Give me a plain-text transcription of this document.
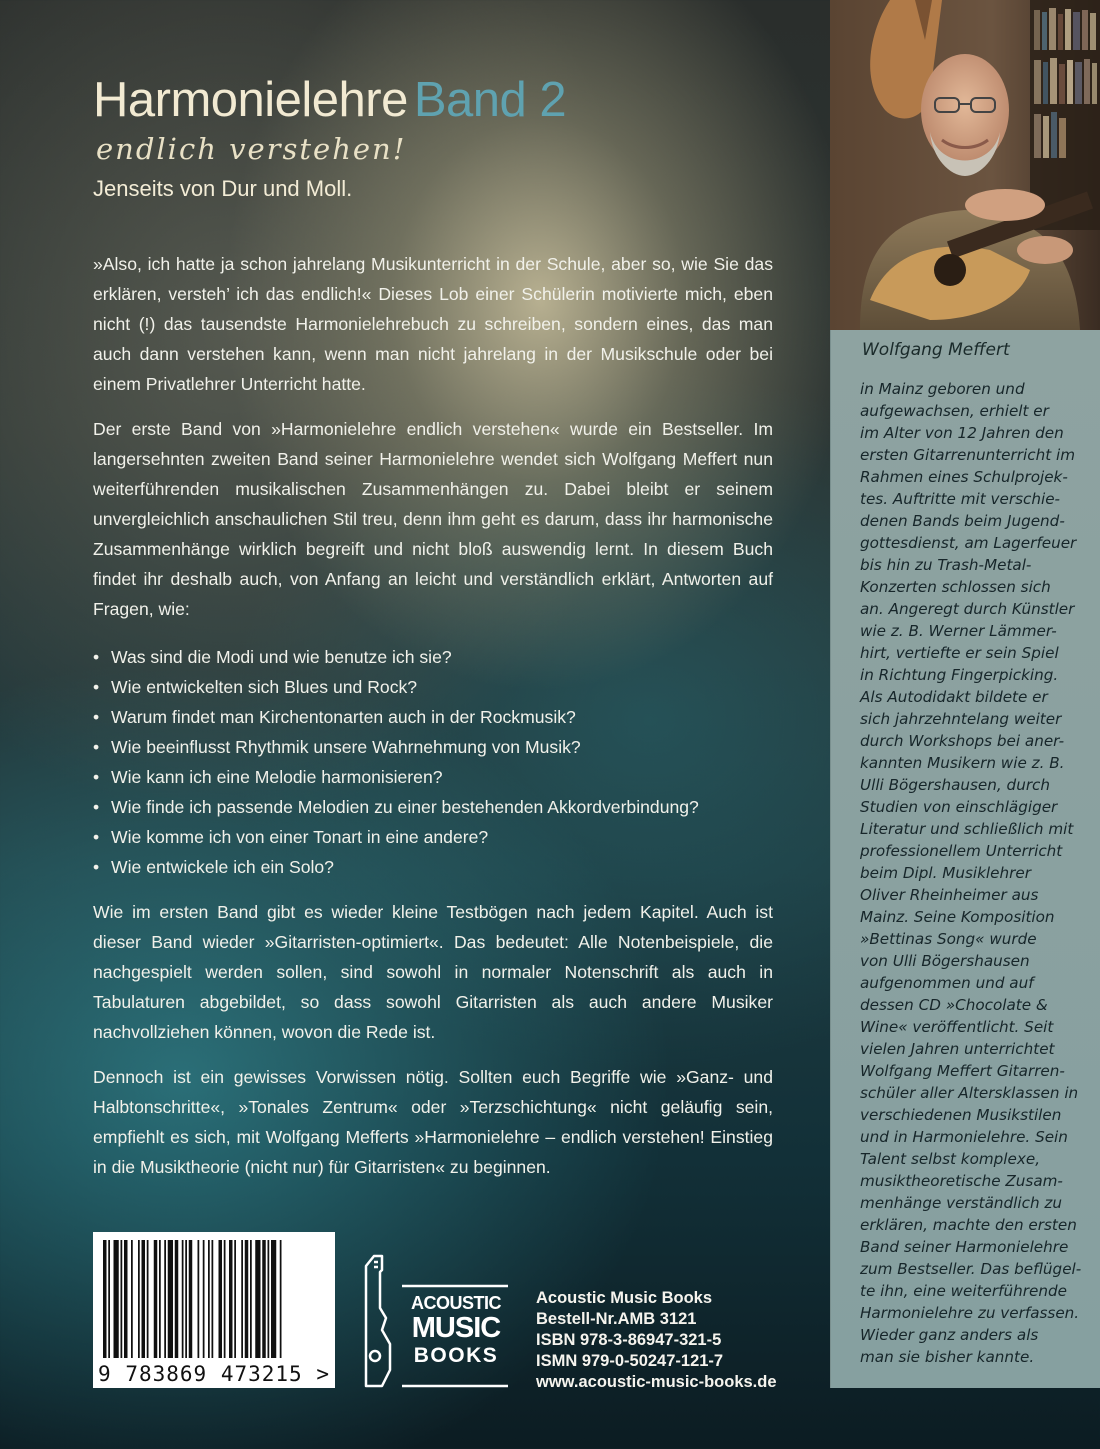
Harmonielehre Band 2
endlich verstehen!
Jenseits von Dur und Moll.
»Also, ich hatte ja schon jahrelang Musikunterricht in der Schule, aber so, wie Sie das erklären, versteh’ ich das endlich!« Dieses Lob einer Schülerin motivierte mich, eben nicht (!) das tausendste Harmonielehrebuch zu schreiben, sondern eines, das man auch dann verstehen kann, wenn man nicht jahrelang in der Musikschule oder bei einem Privatlehrer Unterricht hatte.
Der erste Band von »Harmonielehre endlich verstehen« wurde ein Bestseller. Im langersehnten zweiten Band seiner Harmonielehre wendet sich Wolfgang Meffert nun weiterführenden musikalischen Zusammenhängen zu. Dabei bleibt er seinem unvergleichlich anschaulichen Stil treu, denn ihm geht es darum, dass ihr harmonische Zusammenhänge wirklich begreift und nicht bloß auswendig lernt. In diesem Buch findet ihr deshalb auch, von Anfang an leicht und verständlich erklärt, Antworten auf Fragen, wie:
• Was sind die Modi und wie benutze ich sie?
• Wie entwickelten sich Blues und Rock?
• Warum findet man Kirchentonarten auch in der Rockmusik?
• Wie beeinflusst Rhythmik unsere Wahrnehmung von Musik?
• Wie kann ich eine Melodie harmonisieren?
• Wie finde ich passende Melodien zu einer bestehenden Akkordverbindung?
• Wie komme ich von einer Tonart in eine andere?
• Wie entwickele ich ein Solo?
Wie im ersten Band gibt es wieder kleine Testbögen nach jedem Kapitel. Auch ist dieser Band wieder »Gitarristen-optimiert«. Das bedeutet: Alle Notenbeispiele, die nachgespielt werden sollen, sind sowohl in normaler Notenschrift als auch in Tabulaturen abgebildet, so dass sowohl Gitarristen als auch andere Musiker nachvollziehen können, wovon die Rede ist.
Dennoch ist ein gewisses Vorwissen nötig. Sollten euch Begriffe wie »Ganz- und Halbtonschritte«, »Tonales Zentrum« oder »Terzschichtung« nicht geläufig sein, empfiehlt es sich, mit Wolfgang Mefferts »Harmonielehre – endlich verstehen! Einstieg in die Musiktheorie (nicht nur) für Gitarristen« zu beginnen.
9 783869 473215 >
ACOUSTIC
MUSIC
BOOKS
Acoustic Music Books
Bestell-Nr.AMB 3121
ISBN 978-3-86947-321-5
ISMN 979-0-50247-121-7
www.acoustic-music-books.de
Wolfgang Meffert
in Mainz geboren und
aufgewachsen, erhielt er
im Alter von 12 Jahren den
ersten Gitarrenunterricht im
Rahmen eines Schulprojek-
tes. Auftritte mit verschie-
denen Bands beim Jugend-
gottesdienst, am Lagerfeuer
bis hin zu Trash-Metal-
Konzerten schlossen sich
an. Angeregt durch Künstler
wie z. B. Werner Lämmer-
hirt, vertiefte er sein Spiel
in Richtung Fingerpicking.
Als Autodidakt bildete er
sich jahrzehntelang weiter
durch Workshops bei aner-
kannten Musikern wie z. B.
Ulli Bögershausen, durch
Studien von einschlägiger
Literatur und schließlich mit
professionellem Unterricht
beim Dipl. Musiklehrer
Oliver Rheinheimer aus
Mainz. Seine Komposition
»Bettinas Song« wurde
von Ulli Bögershausen
aufgenommen und auf
dessen CD »Chocolate &
Wine« veröffentlicht. Seit
vielen Jahren unterrichtet
Wolfgang Meffert Gitarren-
schüler aller Altersklassen in
verschiedenen Musikstilen
und in Harmonielehre. Sein
Talent selbst komplexe,
musiktheoretische Zusam-
menhänge verständlich zu
erklären, machte den ersten
Band seiner Harmonielehre
zum Bestseller. Das beflügel-
te ihn, eine weiterführende
Harmonielehre zu verfassen.
Wieder ganz anders als
man sie bisher kannte.
